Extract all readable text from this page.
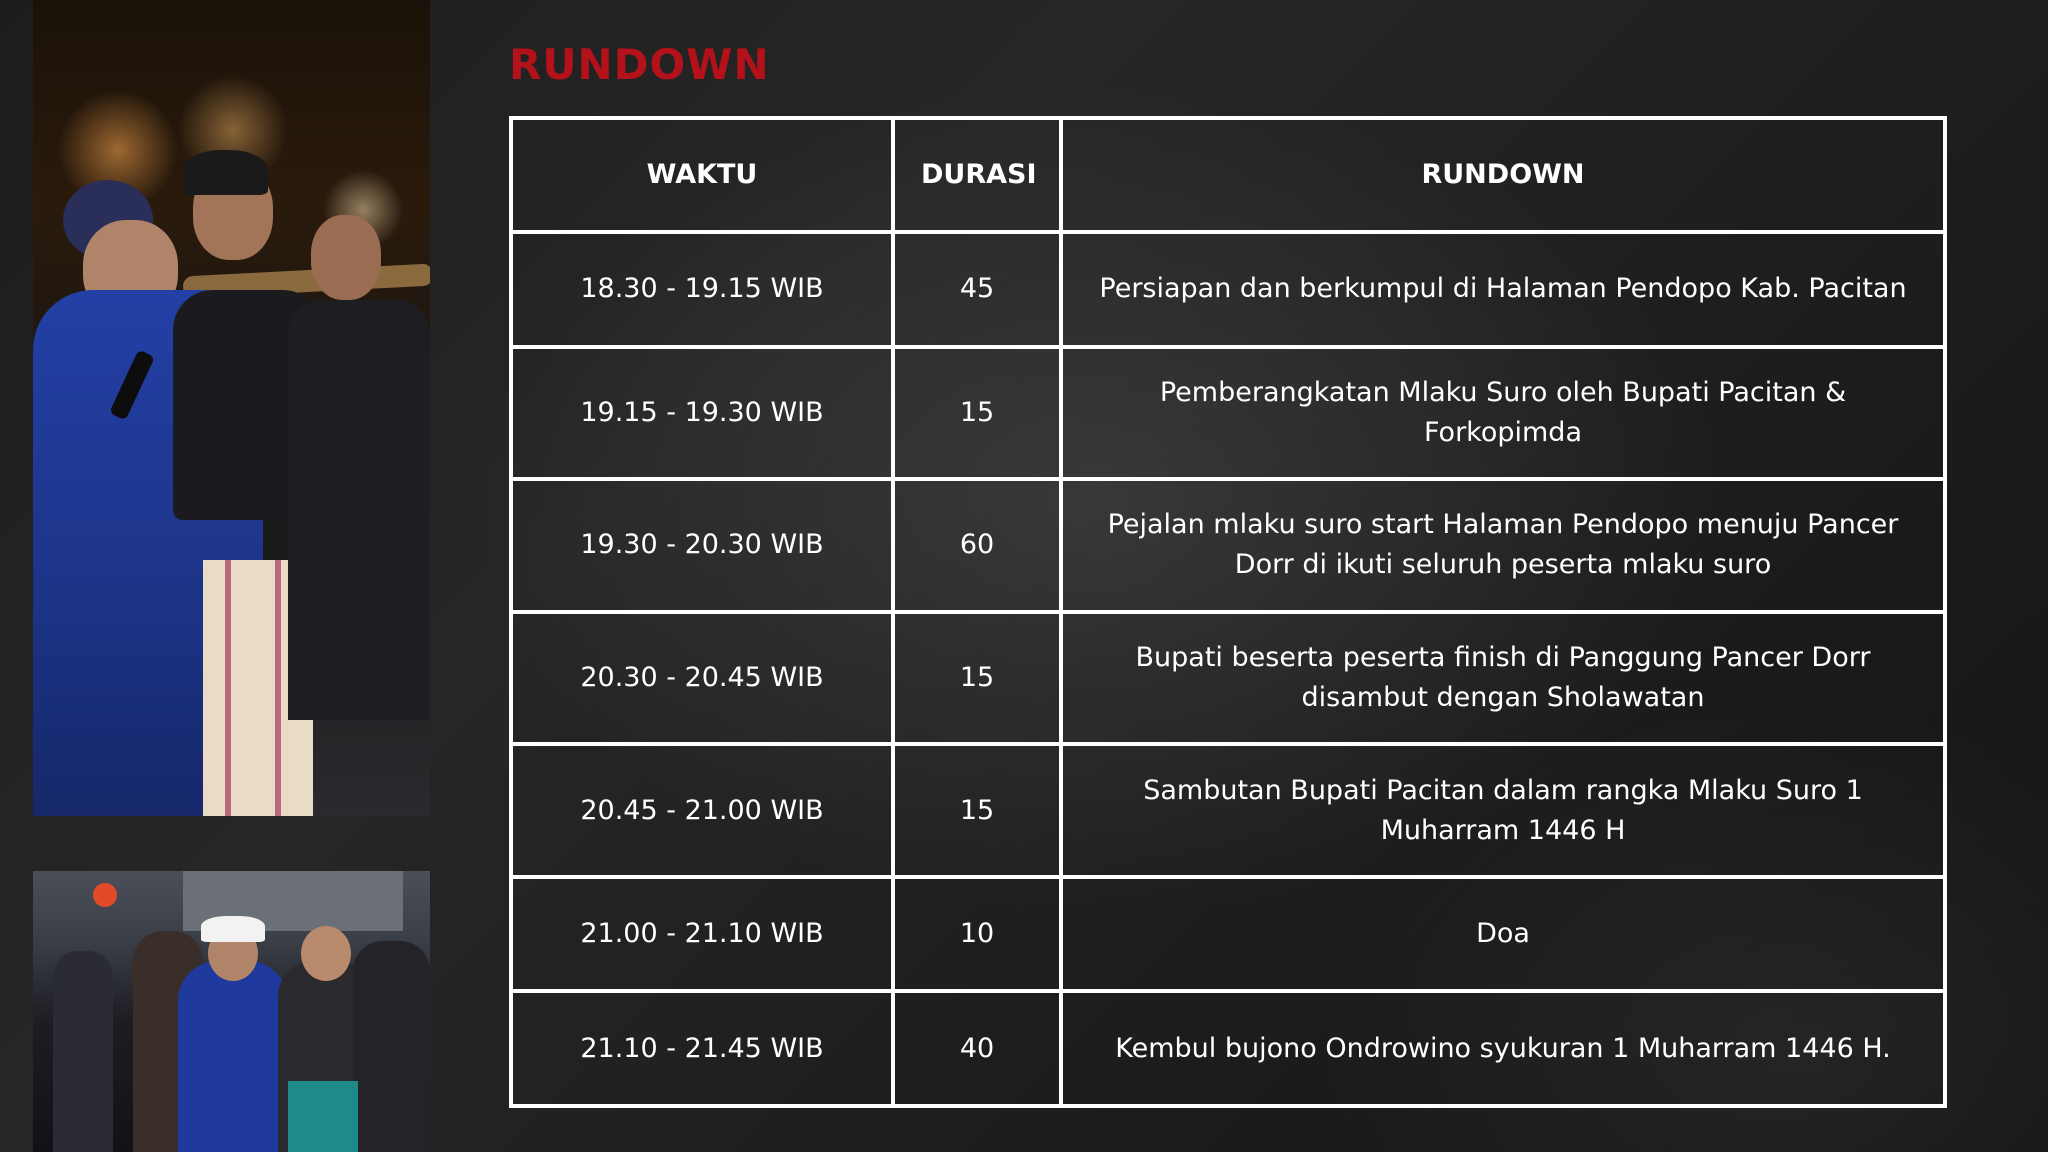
RUNDOWN
WAKTU	DURASI	RUNDOWN
18.30 - 19.15 WIB	45	Persiapan dan berkumpul di Halaman Pendopo Kab. Pacitan
19.15 - 19.30 WIB	15	Pemberangkatan Mlaku Suro oleh Bupati Pacitan & Forkopimda
19.30 - 20.30 WIB	60	Pejalan mlaku suro start Halaman Pendopo menuju Pancer Dorr di ikuti seluruh peserta mlaku suro
20.30 - 20.45 WIB	15	Bupati beserta peserta finish di Panggung Pancer Dorr disambut dengan Sholawatan
20.45 - 21.00 WIB	15	Sambutan Bupati Pacitan dalam rangka Mlaku Suro 1 Muharram 1446 H
21.00 - 21.10 WIB	10	Doa
21.10 - 21.45 WIB	40	Kembul bujono Ondrowino syukuran 1 Muharram 1446 H.
